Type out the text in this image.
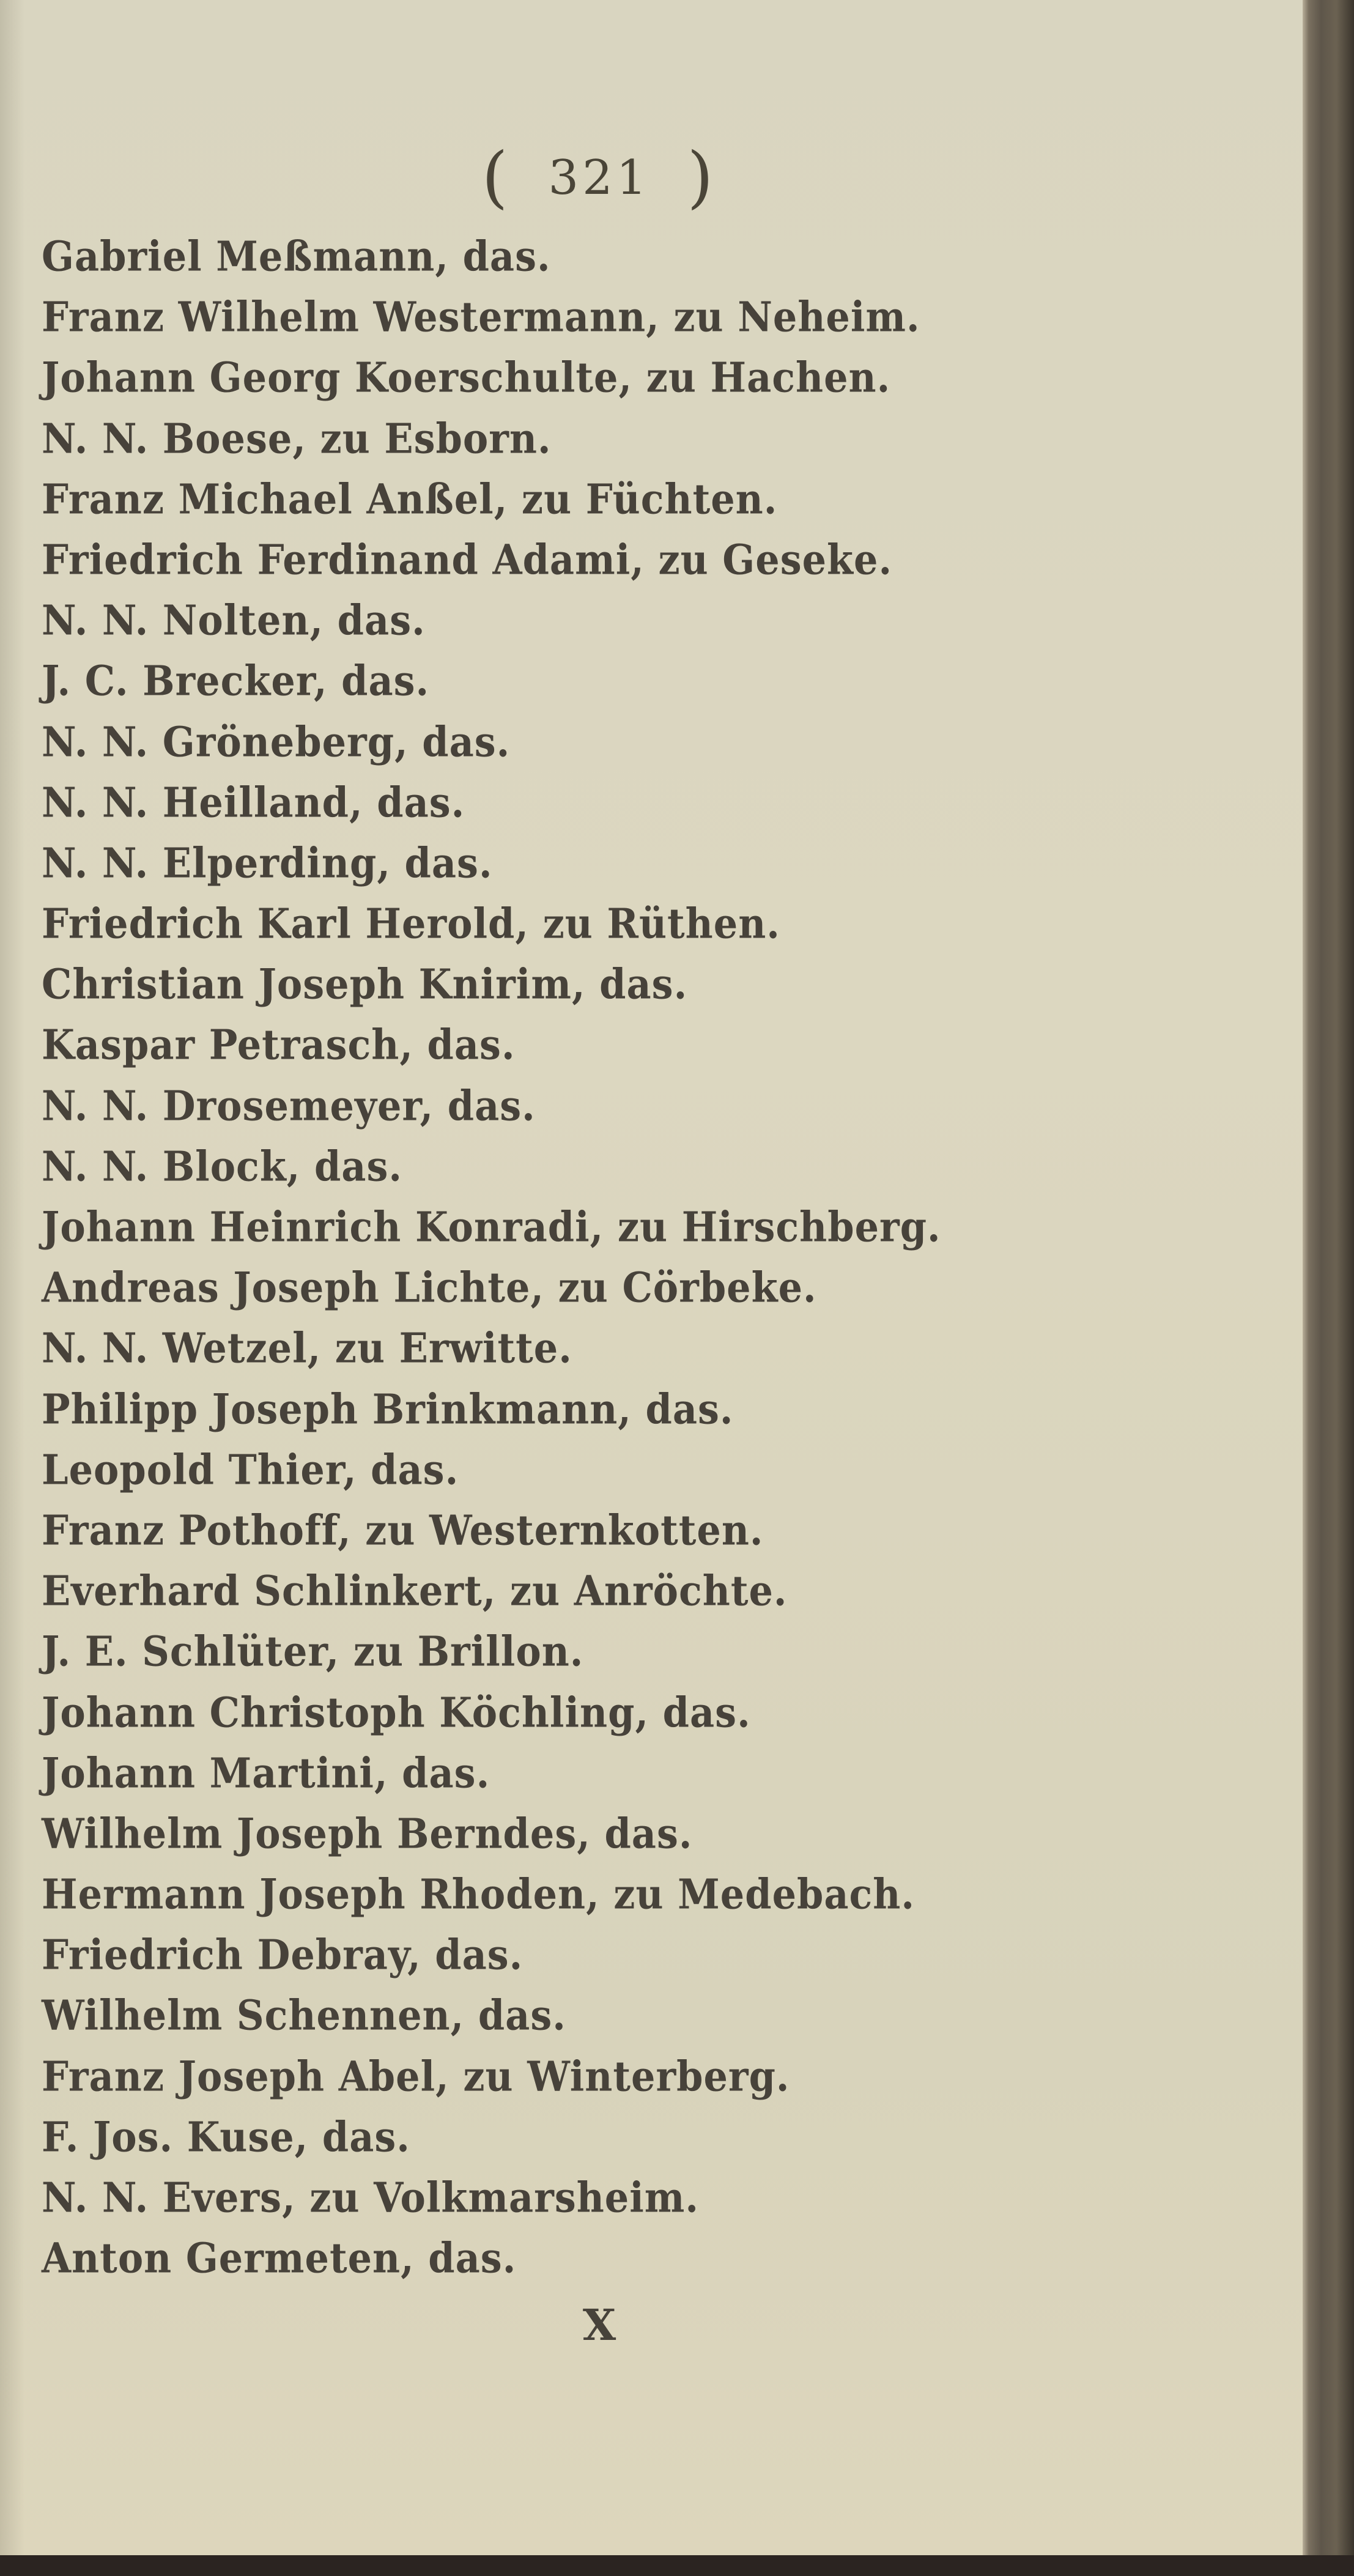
( 321 )
Gabriel Meßmann, das.
Franz Wilhelm Westermann, zu Neheim.
Johann Georg Koerschulte, zu Hachen.
N. N. Boese, zu Esborn.
Franz Michael Anßel, zu Füchten.
Friedrich Ferdinand Adami, zu Geseke.
N. N. Nolten, das.
J. C. Brecker, das.
N. N. Gröneberg, das.
N. N. Heilland, das.
N. N. Elperding, das.
Friedrich Karl Herold, zu Rüthen.
Christian Joseph Knirim, das.
Kaspar Petrasch, das.
N. N. Drosemeyer, das.
N. N. Block, das.
Johann Heinrich Konradi, zu Hirschberg.
Andreas Joseph Lichte, zu Cörbeke.
N. N. Wetzel, zu Erwitte.
Philipp Joseph Brinkmann, das.
Leopold Thier, das.
Franz Pothoff, zu Westernkotten.
Everhard Schlinkert, zu Anröchte.
J. E. Schlüter, zu Brillon.
Johann Christoph Köchling, das.
Johann Martini, das.
Wilhelm Joseph Berndes, das.
Hermann Joseph Rhoden, zu Medebach.
Friedrich Debray, das.
Wilhelm Schennen, das.
Franz Joseph Abel, zu Winterberg.
F. Jos. Kuse, das.
N. N. Evers, zu Volkmarsheim.
Anton Germeten, das.
X
